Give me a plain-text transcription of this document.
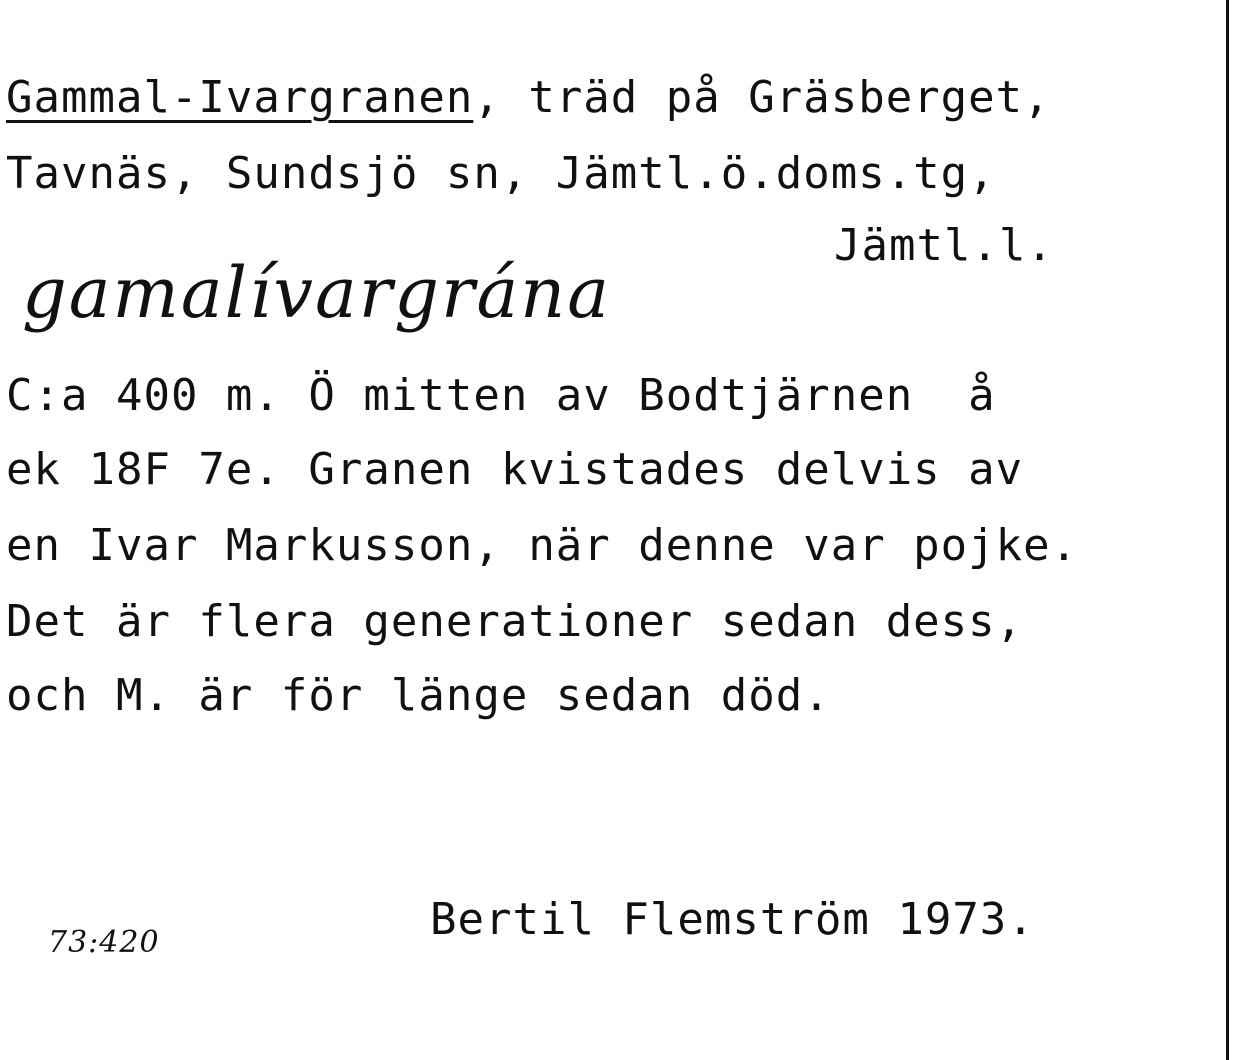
Gammal-Ivargranen, träd på Gräsberget,
Tavnäs, Sundsjö sn, Jämtl.ö.doms.tg,
Jämtl.l.
gamalívargrána
C:a 400 m. Ö mitten av Bodtjärnen  å
ek 18F 7e. Granen kvistades delvis av
en Ivar Markusson, när denne var pojke.
Det är flera generationer sedan dess,
och M. är för länge sedan död.
Bertil Flemström 1973.
73:420
